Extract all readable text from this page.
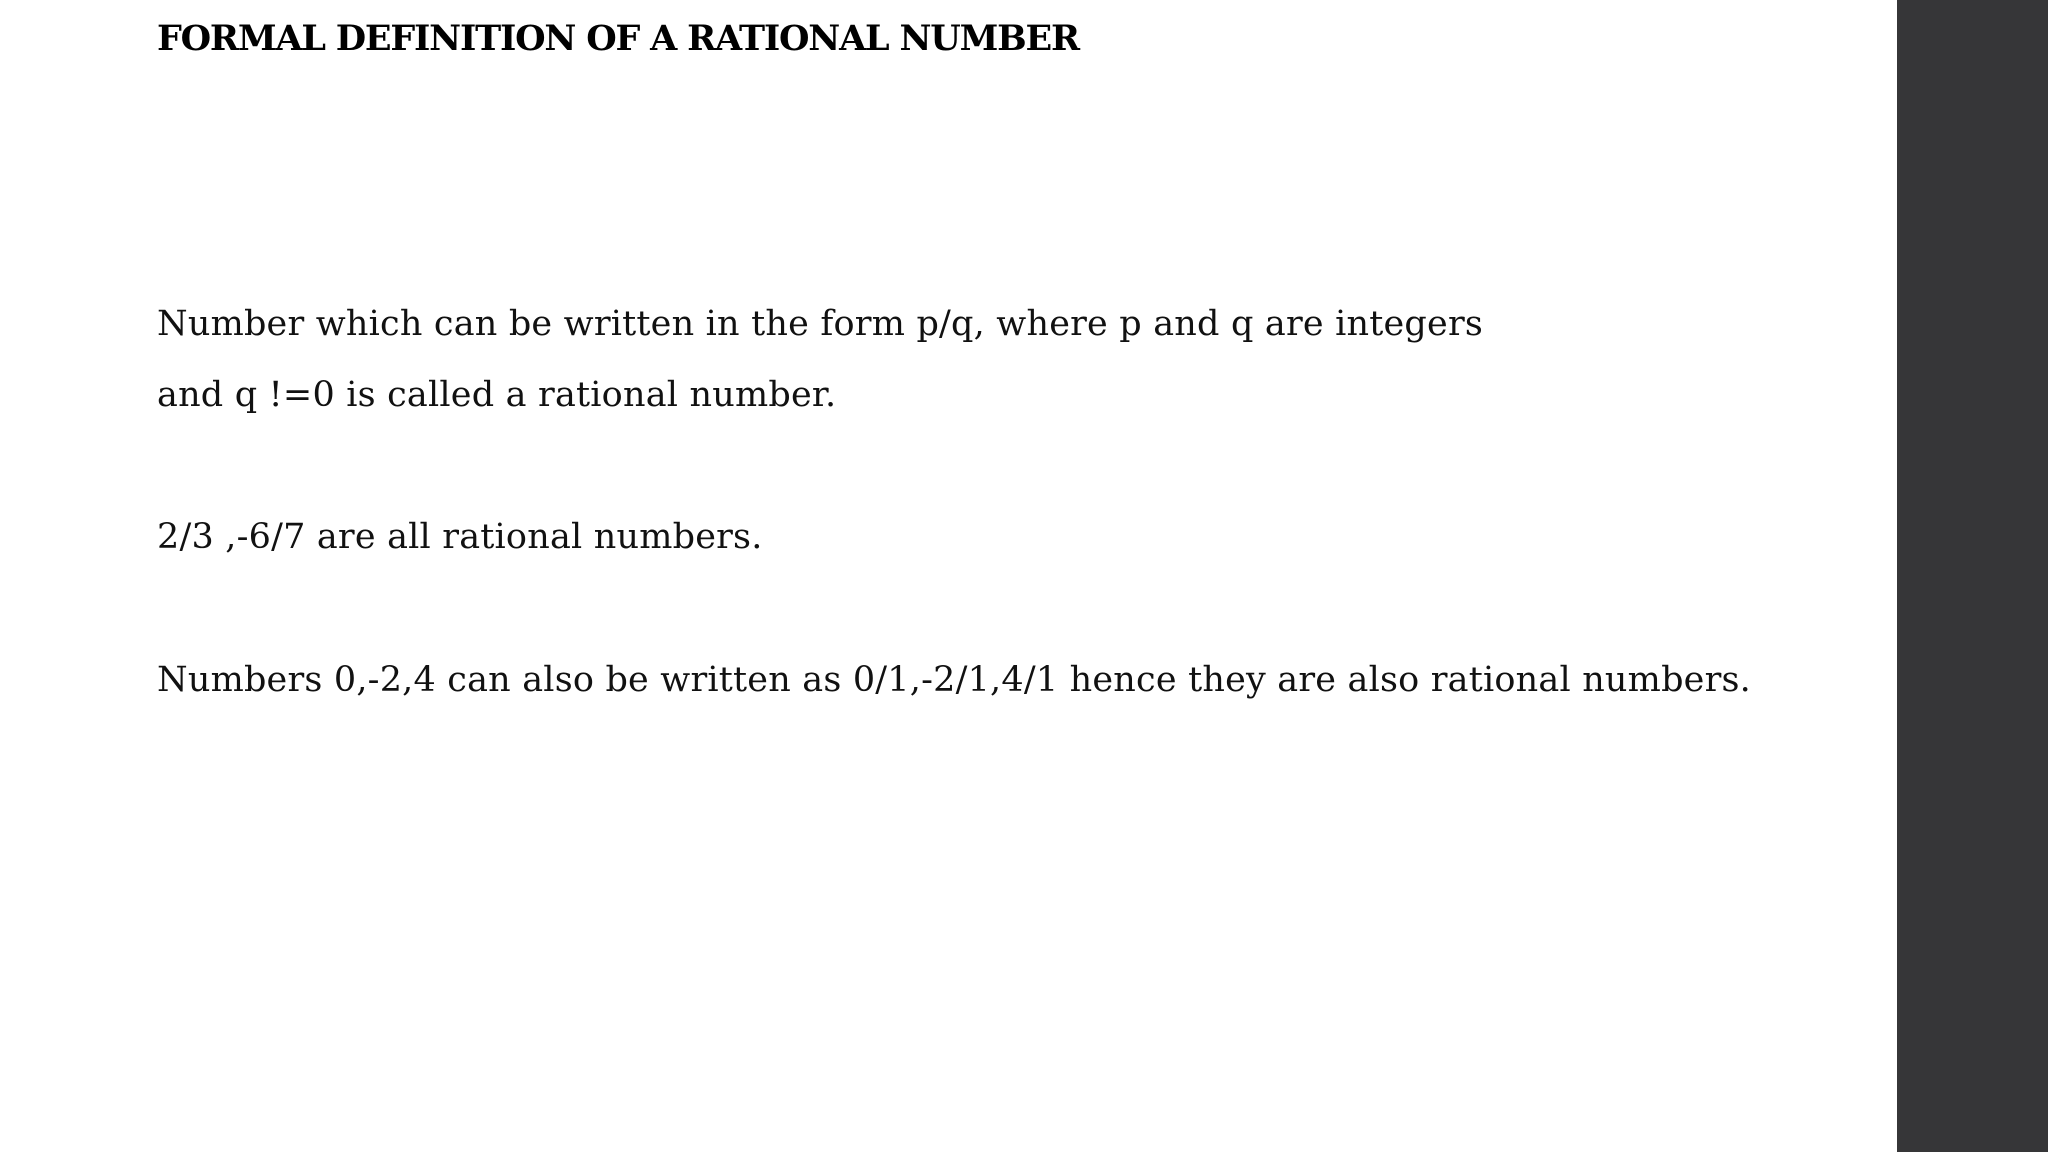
FORMAL DEFINITION OF A RATIONAL NUMBER

Number which can be written in the form p/q, where p and q are integers

and q !=0 is called a rational number.

2/3 ,-6/7 are all rational numbers.

Numbers 0,-2,4 can also be written as 0/1,-2/1,4/1 hence they are also rational numbers.
